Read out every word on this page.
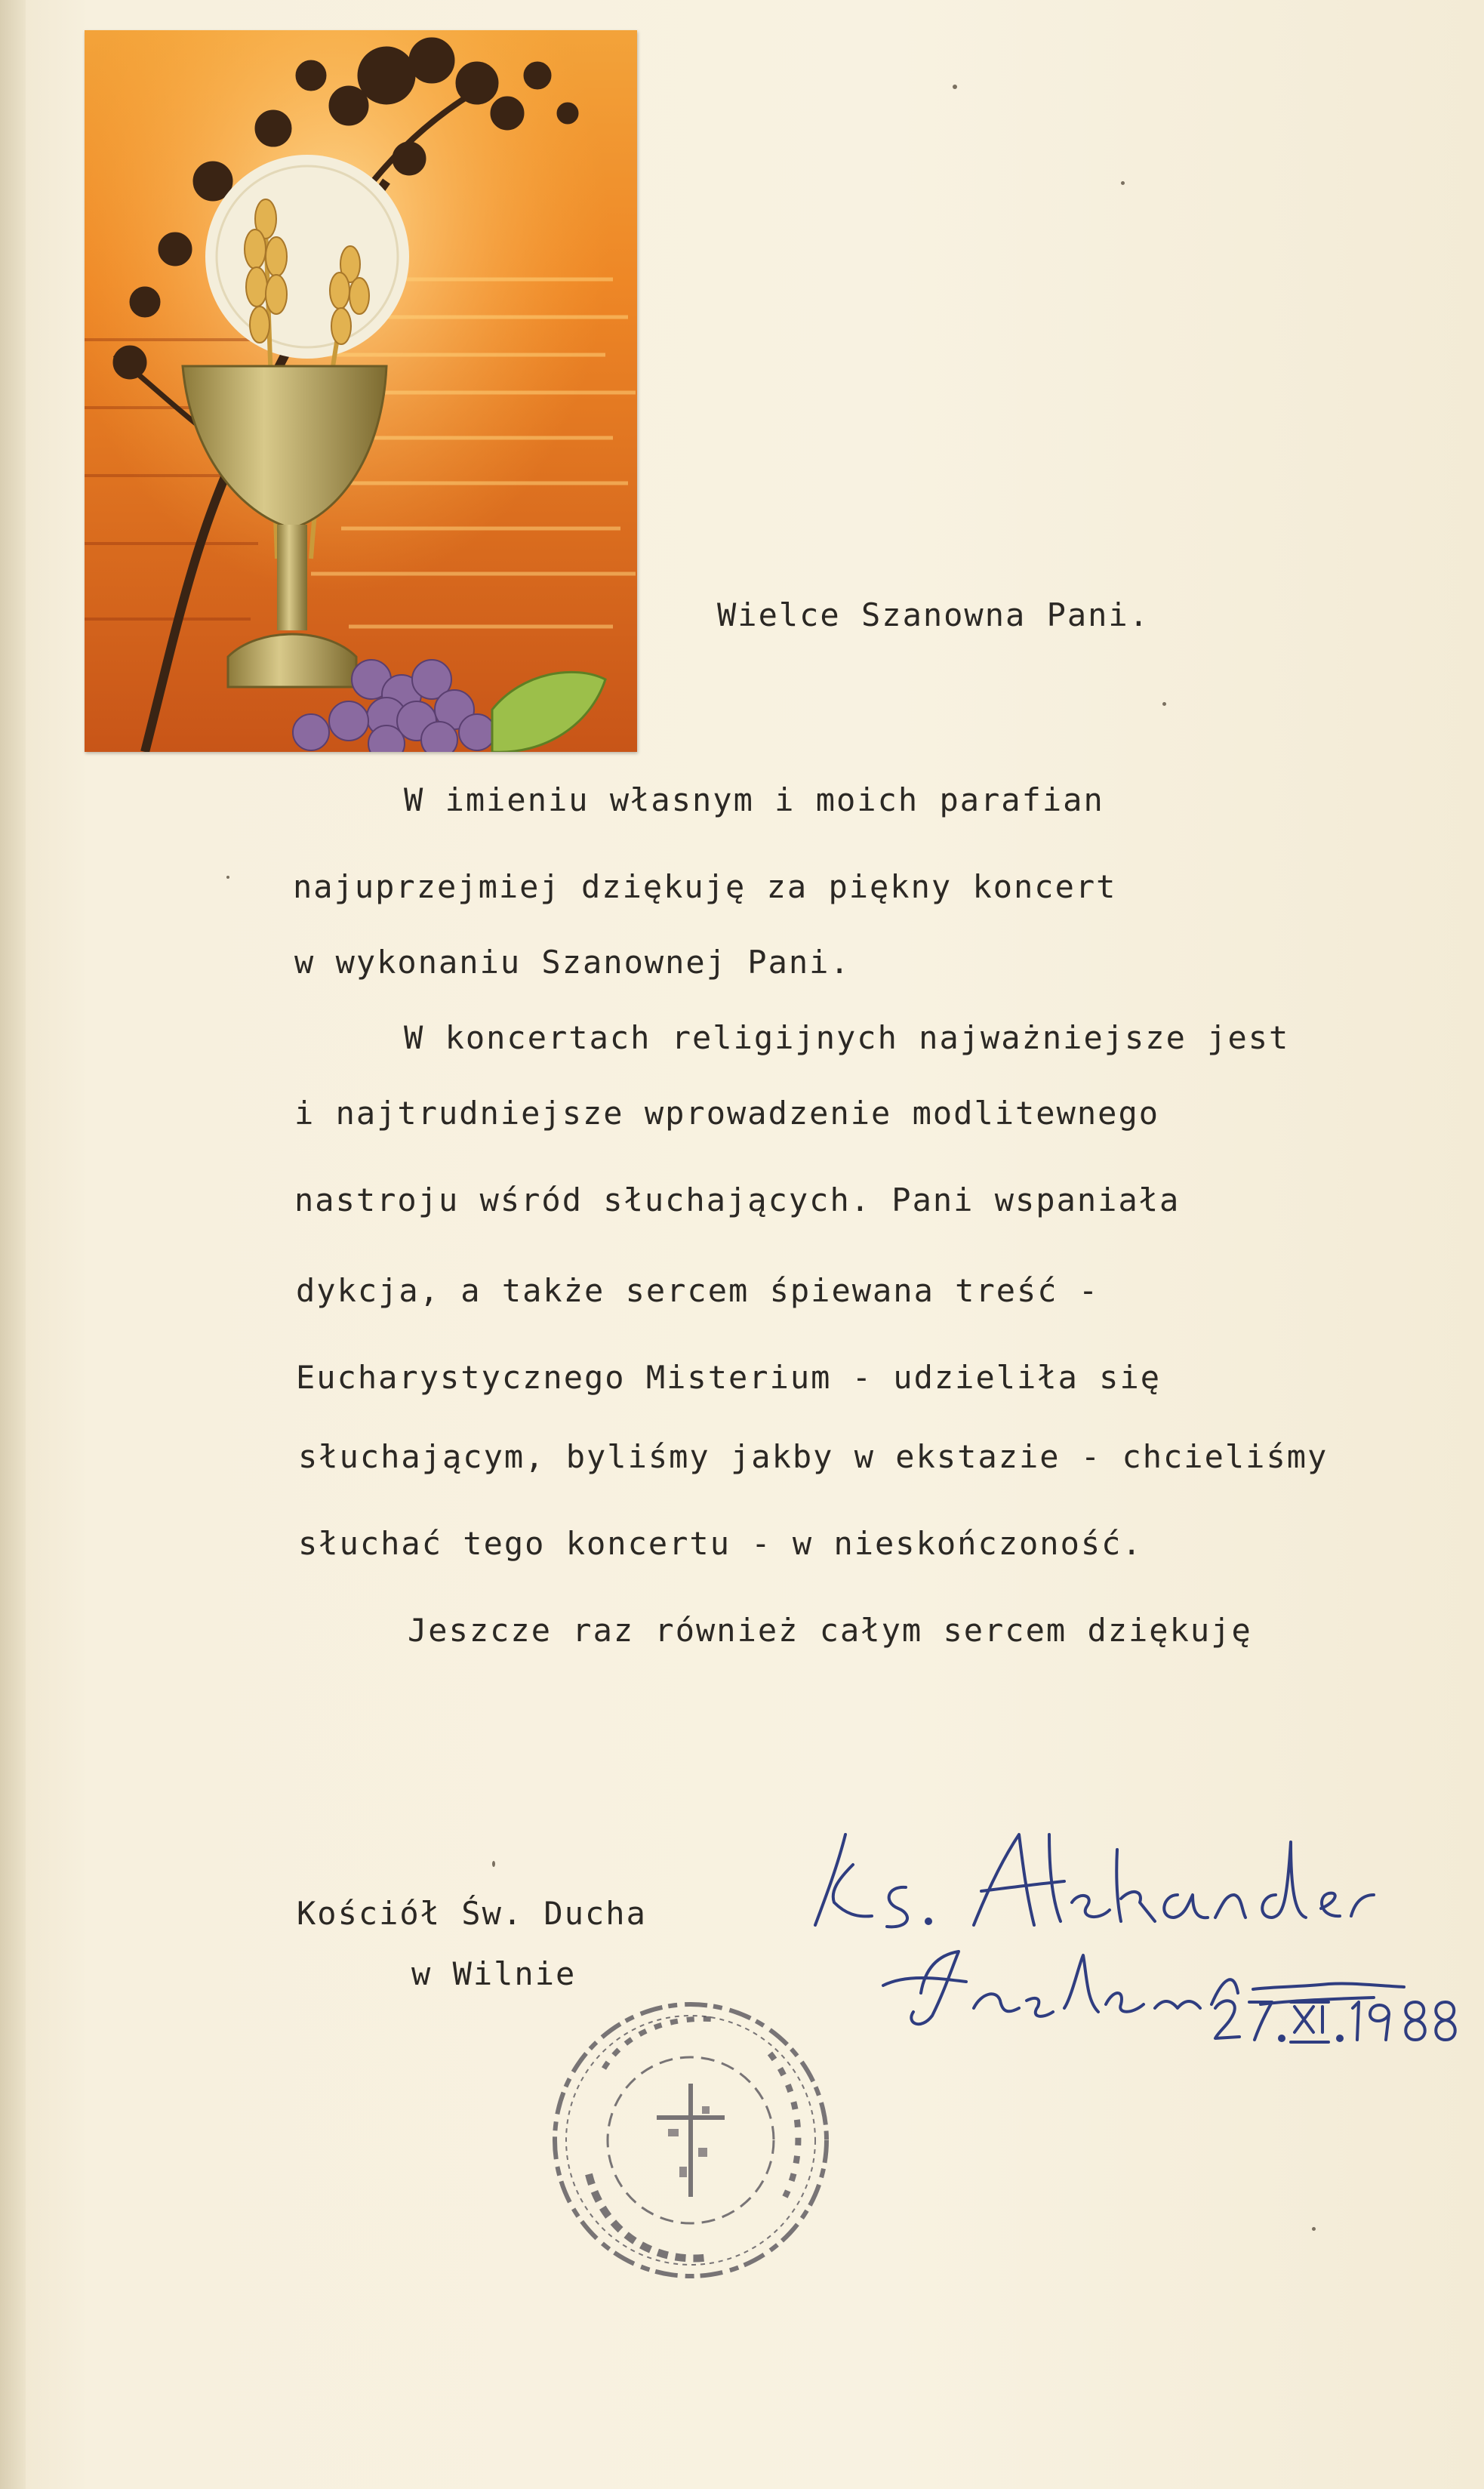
Wielce Szanowna Pani.
W imieniu własnym i moich parafian
najuprzejmiej dziękuję za piękny koncert
w wykonaniu Szanownej Pani.
W koncertach religijnych najważniejsze jest
i najtrudniejsze wprowadzenie modlitewnego
nastroju wśród słuchających. Pani wspaniała
dykcja, a także sercem śpiewana treść -
Eucharystycznego Misterium - udzieliła się
słuchającym, byliśmy jakby w ekstazie - chcieliśmy
słuchać tego koncertu - w nieskończoność.
Jeszcze raz również całym sercem dziękuję
Kościół Św. Ducha
w Wilnie
